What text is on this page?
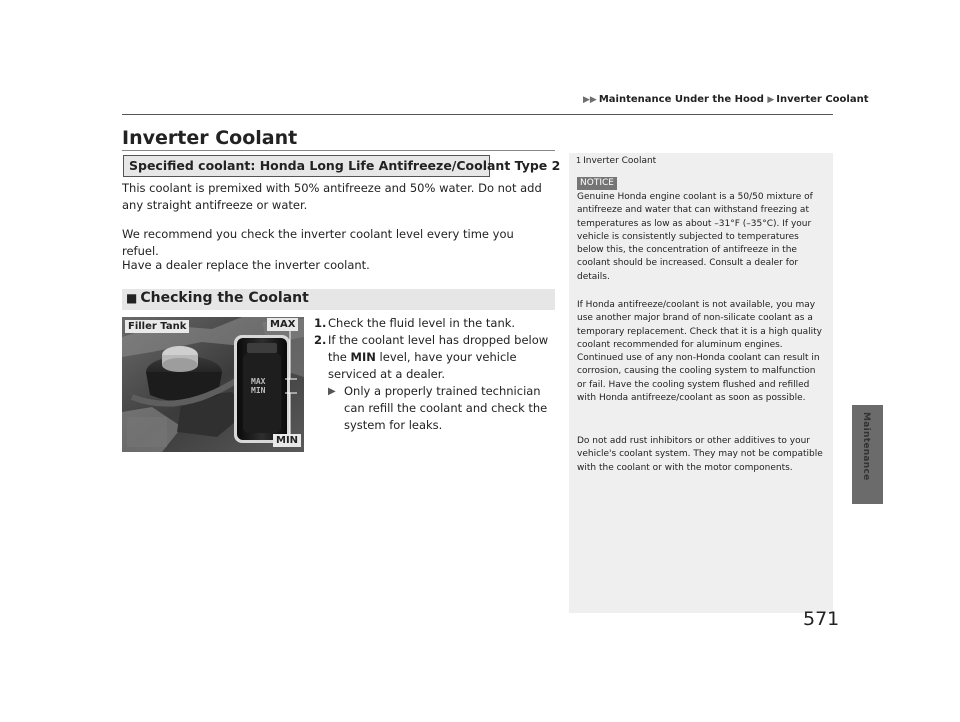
▶▶ Maintenance Under the Hood ▶ Inverter Coolant
Maintenance
Inverter Coolant
Specified coolant: Honda Long Life Antifreeze/Coolant Type 2

This coolant is premixed with 50% antifreeze and 50% water. Do not add any straight antifreeze or water.

We recommend you check the inverter coolant level every time you refuel.

Have a dealer replace the inverter coolant.

■ Checking the Coolant
Filler Tank	MAX
MIN
MAX
MIN
1. Check the fluid level in the tank.
2. If the coolant level has dropped below the MIN level, have your vehicle serviced at a dealer.
▶ Only a properly trained technician can refill the coolant and check the system for leaks.
1 Inverter Coolant
NOTICE

Genuine Honda engine coolant is a 50/50 mixture of antifreeze and water that can withstand freezing at temperatures as low as about –31°F (–35°C). If your vehicle is consistently subjected to temperatures below this, the concentration of antifreeze in the coolant should be increased. Consult a dealer for details.

If Honda antifreeze/coolant is not available, you may use another major brand of non-silicate coolant as a temporary replacement. Check that it is a high quality coolant recommended for aluminum engines. Continued use of any non-Honda coolant can result in corrosion, causing the cooling system to malfunction or fail. Have the cooling system flushed and refilled with Honda antifreeze/coolant as soon as possible.

Do not add rust inhibitors or other additives to your vehicle's coolant system. They may not be compatible with the coolant or with the motor components.

571
